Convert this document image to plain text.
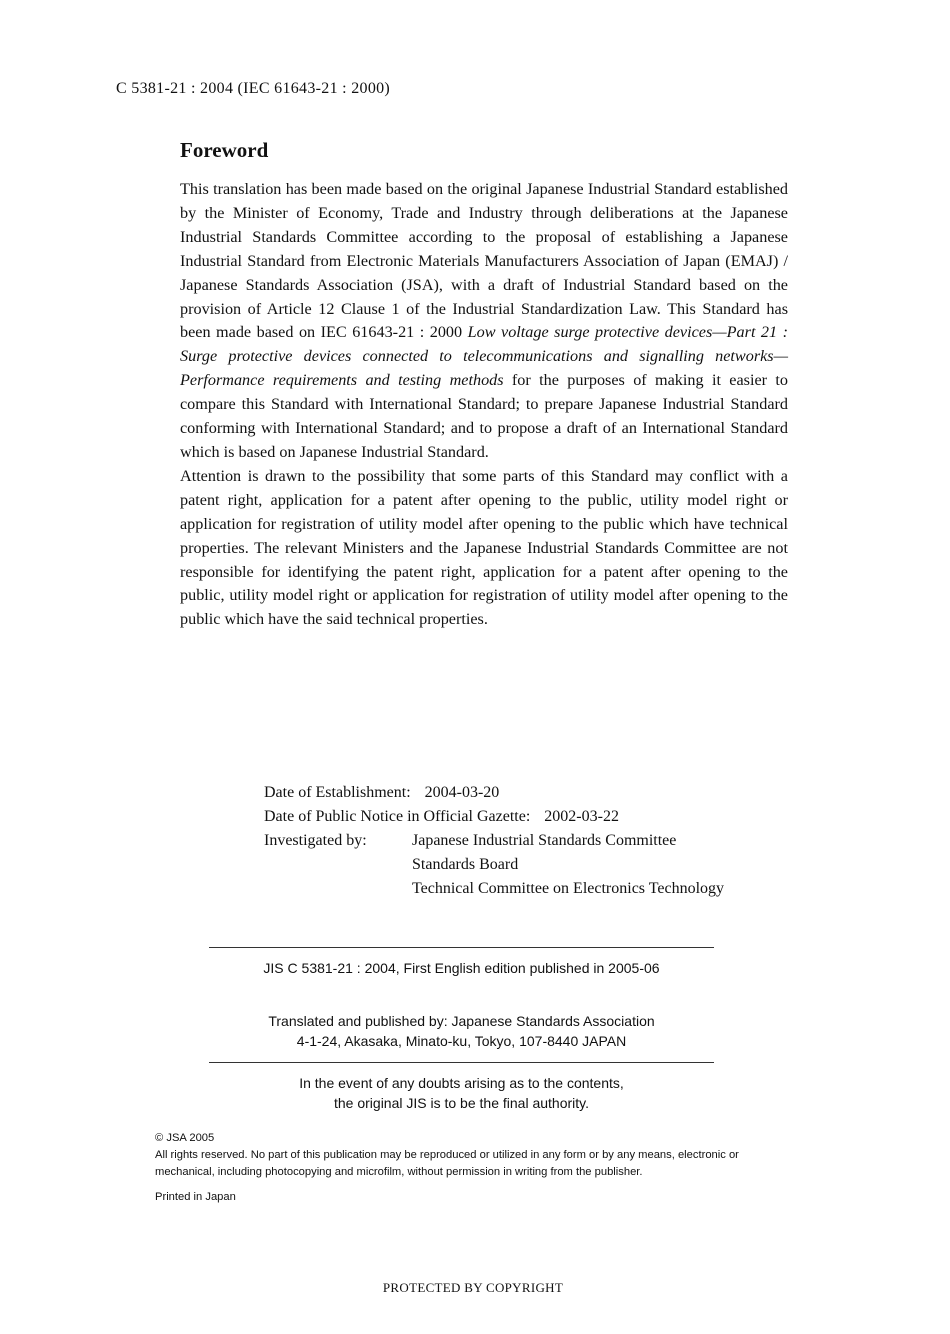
C 5381-21 : 2004 (IEC 61643-21 : 2000)
Foreword

This translation has been made based on the original Japanese Industrial Standard established by the Minister of Economy, Trade and Industry through deliberations at the Japanese Industrial Standards Committee according to the proposal of establishing a Japanese Industrial Standard from Electronic Materials Manufacturers Association of Japan (EMAJ) / Japanese Standards Association (JSA), with a draft of Industrial Standard based on the provision of Article 12 Clause 1 of the Industrial Standardization Law. This Standard has been made based on IEC 61643-21 : 2000 Low voltage surge protective devices—Part 21 : Surge protective devices connected to telecommunications and signalling networks—Performance requirements and testing methods for the purposes of making it easier to compare this Standard with International Standard; to prepare Japanese Industrial Standard conforming with International Standard; and to propose a draft of an International Standard which is based on Japanese Industrial Standard.

Attention is drawn to the possibility that some parts of this Standard may conflict with a patent right, application for a patent after opening to the public, utility model right or application for registration of utility model after opening to the public which have technical properties. The relevant Ministers and the Japanese Industrial Standards Committee are not responsible for identifying the patent right, application for a patent after opening to the public, utility model right or application for registration of utility model after opening to the public which have the said technical properties.

Date of Establishment: 2004-03-20
Date of Public Notice in Official Gazette: 2002-03-22
Investigated by:	Japanese Industrial Standards Committee
Standards Board
Technical Committee on Electronics Technology
JIS C 5381-21 : 2004, First English edition published in 2005-06
Translated and published by: Japanese Standards Association
4-1-24, Akasaka, Minato-ku, Tokyo, 107-8440 JAPAN
In the event of any doubts arising as to the contents,
the original JIS is to be the final authority.
© JSA 2005
All rights reserved. No part of this publication may be reproduced or utilized in any form or by any means, electronic or mechanical, including photocopying and microfilm, without permission in writing from the publisher.
Printed in Japan
PROTECTED BY COPYRIGHT
